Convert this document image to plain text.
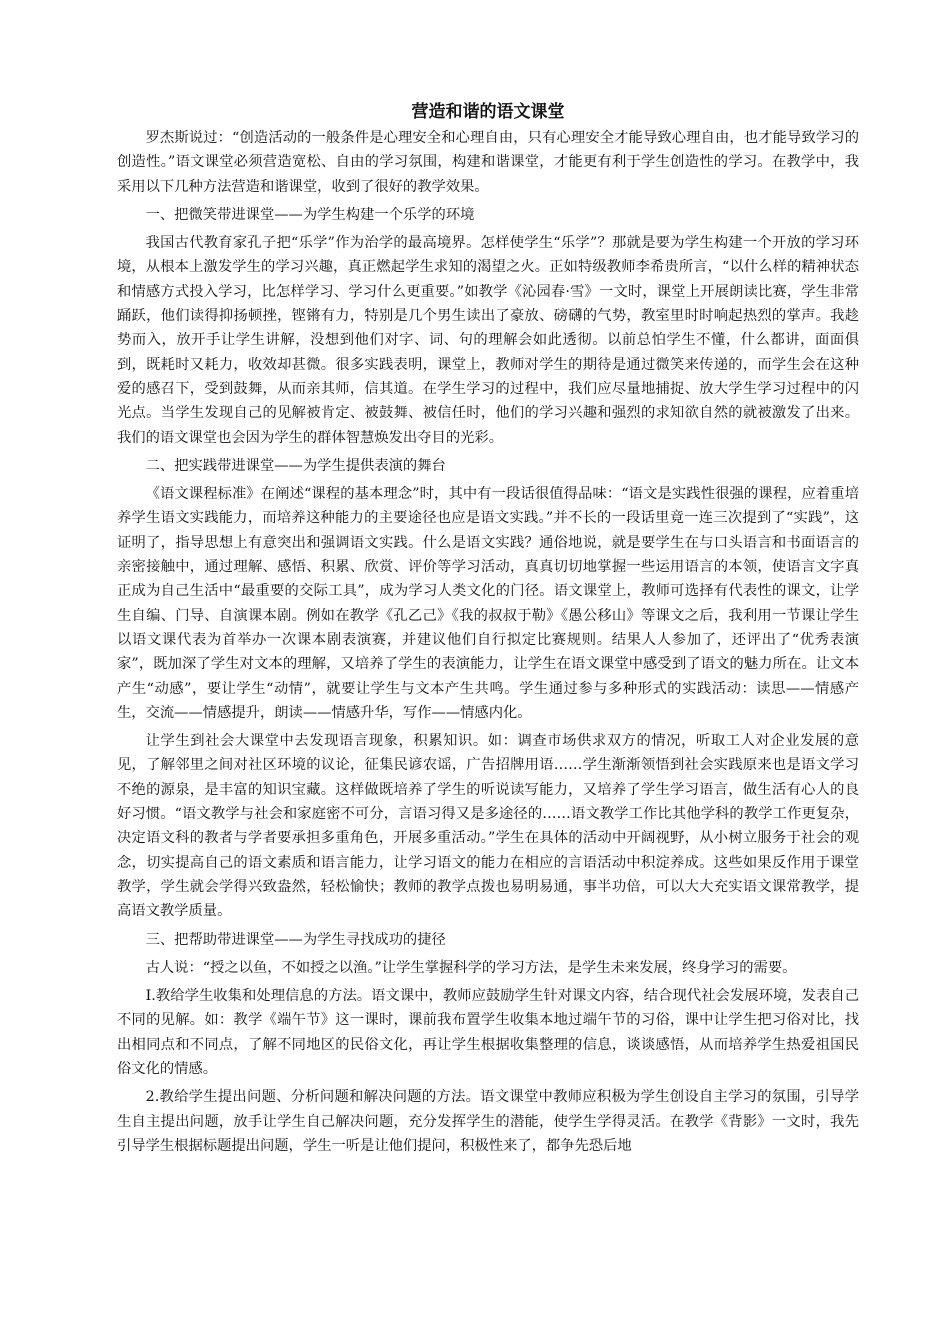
营造和谐的语文课堂

罗杰斯说过：“创造活动的一般条件是心理安全和心理自由，只有心理安全才能导致心理自由，也才能导致学习的创造性。”语文课堂必须营造宽松、自由的学习氛围，构建和谐课堂，才能更有利于学生创造性的学习。在教学中，我采用以下几种方法营造和谐课堂，收到了很好的教学效果。

一、把微笑带进课堂——为学生构建一个乐学的环境

我国古代教育家孔子把“乐学”作为治学的最高境界。怎样使学生“乐学”？那就是要为学生构建一个开放的学习环境，从根本上激发学生的学习兴趣，真正燃起学生求知的渴望之火。正如特级教师李希贵所言，“以什么样的精神状态和情感方式投入学习，比怎样学习、学习什么更重要。”如教学《沁园春·雪》一文时，课堂上开展朗读比赛，学生非常踊跃，他们读得抑扬顿挫，铿锵有力，特别是几个男生读出了豪放、磅礴的气势，教室里时时响起热烈的掌声。我趁势而入，放开手让学生讲解，没想到他们对字、词、句的理解会如此透彻。以前总怕学生不懂，什么都讲，面面俱到，既耗时又耗力，收效却甚微。很多实践表明，课堂上，教师对学生的期待是通过微笑来传递的，而学生会在这种爱的感召下，受到鼓舞，从而亲其师，信其道。在学生学习的过程中，我们应尽量地捕捉、放大学生学习过程中的闪光点。当学生发现自己的见解被肯定、被鼓舞、被信任时，他们的学习兴趣和强烈的求知欲自然的就被激发了出来。我们的语文课堂也会因为学生的群体智慧焕发出夺目的光彩。

二、把实践带进课堂——为学生提供表演的舞台

《语文课程标准》在阐述“课程的基本理念”时，其中有一段话很值得品味：“语文是实践性很强的课程，应着重培养学生语文实践能力，而培养这种能力的主要途径也应是语文实践。”并不长的一段话里竟一连三次提到了“实践”，这证明了，指导思想上有意突出和强调语文实践。什么是语文实践？通俗地说，就是要学生在与口头语言和书面语言的亲密接触中，通过理解、感悟、积累、欣赏、评价等学习活动，真真切切地掌握一些运用语言的本领，使语言文字真正成为自己生活中“最重要的交际工具”，成为学习人类文化的门径。语文课堂上，教师可选择有代表性的课文，让学生自编、门导、自演课本剧。例如在教学《孔乙己》《我的叔叔于勒》《愚公移山》等课文之后，我利用一节课让学生以语文课代表为首举办一次课本剧表演赛，并建议他们自行拟定比赛规则。结果人人参加了，还评出了“优秀表演家”，既加深了学生对文本的理解，又培养了学生的表演能力，让学生在语文课堂中感受到了语文的魅力所在。让文本产生“动感”，要让学生“动情”，就要让学生与文本产生共鸣。学生通过参与多种形式的实践活动：读思——情感产生，交流——情感提升，朗读——情感升华，写作——情感内化。

让学生到社会大课堂中去发现语言现象，积累知识。如：调查市场供求双方的情况，听取工人对企业发展的意见，了解邻里之间对社区环境的议论，征集民谚农谣，广告招牌用语……学生渐渐领悟到社会实践原来也是语文学习不绝的源泉，是丰富的知识宝藏。这样做既培养了学生的听说读写能力，又培养了学生学习语言，做生活有心人的良好习惯。“语文教学与社会和家庭密不可分，言语习得又是多途径的……语文教学工作比其他学科的教学工作更复杂，决定语文科的教者与学者要承担多重角色，开展多重活动。”学生在具体的活动中开阔视野，从小树立服务于社会的观念，切实提高自己的语文素质和语言能力，让学习语文的能力在相应的言语活动中积淀养成。这些如果反作用于课堂教学，学生就会学得兴致盎然，轻松愉快；教师的教学点拨也易明易通，事半功倍，可以大大充实语文课常教学，提高语文教学质量。

三、把帮助带进课堂——为学生寻找成功的捷径

古人说：“授之以鱼，不如授之以渔。”让学生掌握科学的学习方法，是学生未来发展，终身学习的需要。

Ⅰ.教给学生收集和处理信息的方法。语文课中，教师应鼓励学生针对课文内容，结合现代社会发展环境，发表自己不同的见解。如：教学《端午节》这一课时，课前我布置学生收集本地过端午节的习俗，课中让学生把习俗对比，找出相同点和不同点，了解不同地区的民俗文化，再让学生根据收集整理的信息，谈谈感悟，从而培养学生热爱祖国民俗文化的情感。

2.教给学生提出问题、分析问题和解决问题的方法。语文课堂中教师应积极为学生创设自主学习的氛围，引导学生自主提出问题，放手让学生自己解决问题，充分发挥学生的潜能，使学生学得灵活。在教学《背影》一文时，我先引导学生根据标题提出问题，学生一听是让他们提问，积极性来了，都争先恐后地
